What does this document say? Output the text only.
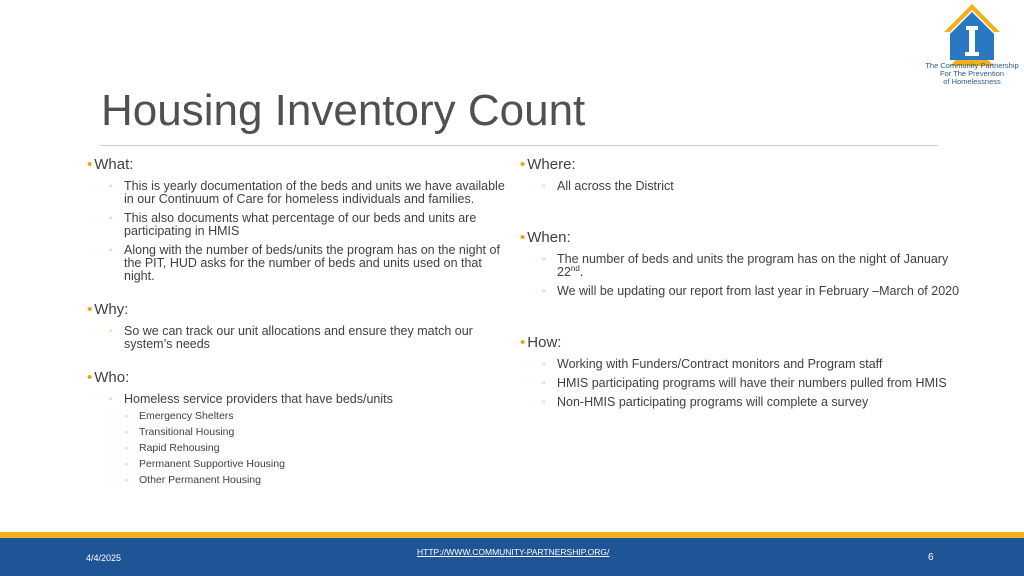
The Community Partnership
For The Prevention
of Homelessness
Housing Inventory Count
• What:
◦ This is yearly documentation of the beds and units we have available in our Continuum of Care for homeless individuals and families.
◦ This also documents what percentage of our beds and units are participating in HMIS
◦ Along with the number of beds/units the program has on the night of the PIT, HUD asks for the number of beds and units used on that night.
• Why:
◦ So we can track our unit allocations and ensure they match our system’s needs
• Who:
◦ Homeless service providers that have beds/units
◦ Emergency Shelters
◦ Transitional Housing
◦ Rapid Rehousing
◦ Permanent Supportive Housing
◦ Other Permanent Housing
• Where:
◦ All across the District
• When:
◦ The number of beds and units the program has on the night of January 22nd.
◦ We will be updating our report from last year in February –March of 2020
• How:
◦ Working with Funders/Contract monitors and Program staff
◦ HMIS participating programs will have their numbers pulled from HMIS
◦ Non-HMIS participating programs will complete a survey
4/4/2025
HTTP://WWW.COMMUNITY-PARTNERSHIP.ORG/	6
